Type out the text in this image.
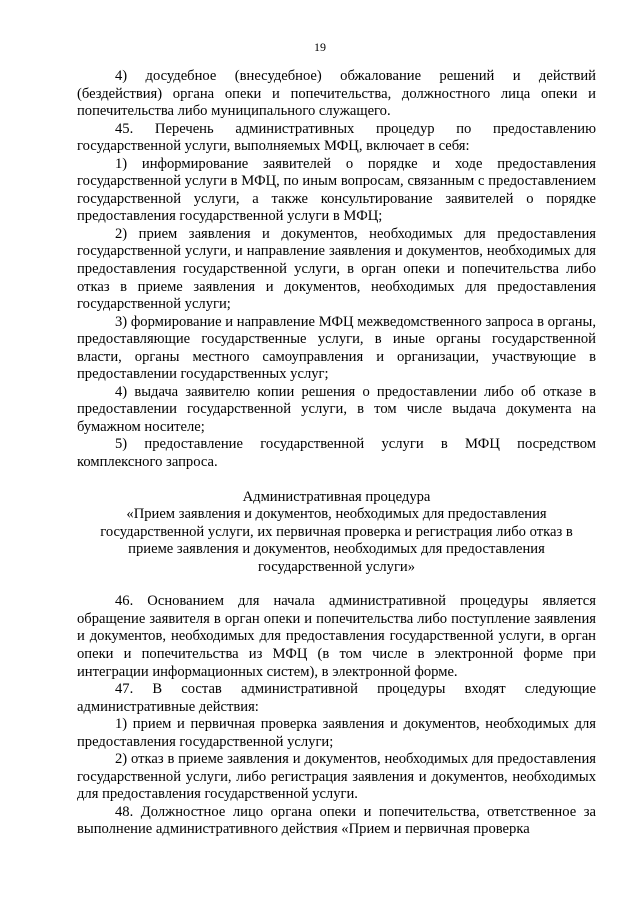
19

4) досудебное (внесудебное) обжалование решений и действий (бездействия) органа опеки и попечительства, должностного лица опеки и попечительства либо муниципального служащего.

45. Перечень административных процедур по предоставлению государственной услуги, выполняемых МФЦ, включает в себя:

1) информирование заявителей о порядке и ходе предоставления государственной услуги в МФЦ, по иным вопросам, связанным с предоставлением государственной услуги, а также консультирование заявителей о порядке предоставления государственной услуги в МФЦ;

2) прием заявления и документов, необходимых для предоставления государственной услуги, и направление заявления и документов, необходимых для предоставления государственной услуги, в орган опеки и попечительства либо отказ в приеме заявления и документов, необходимых для предоставления государственной услуги;

3) формирование и направление МФЦ межведомственного запроса в органы, предоставляющие государственные услуги, в иные органы государственной власти, органы местного самоуправления и организации, участвующие в предоставлении государственных услуг;

4) выдача заявителю копии решения о предоставлении либо об отказе в предоставлении государственной услуги, в том числе выдача документа на бумажном носителе;

5) предоставление государственной услуги в МФЦ посредством комплексного запроса.

Административная процедура

«Прием заявления и документов, необходимых для предоставления государственной услуги, их первичная проверка и регистрация либо отказ в приеме заявления и документов, необходимых для предоставления государственной услуги»

46. Основанием для начала административной процедуры является обращение заявителя в орган опеки и попечительства либо поступление заявления и документов, необходимых для предоставления государственной услуги, в орган опеки и попечительства из МФЦ (в том числе в электронной форме при интеграции информационных систем), в электронной форме.

47. В состав административной процедуры входят следующие административные действия:

1) прием и первичная проверка заявления и документов, необходимых для предоставления государственной услуги;

2) отказ в приеме заявления и документов, необходимых для предоставления государственной услуги, либо регистрация заявления и документов, необходимых для предоставления государственной услуги.

48. Должностное лицо органа опеки и попечительства, ответственное за выполнение административного действия «Прием и первичная проверка
